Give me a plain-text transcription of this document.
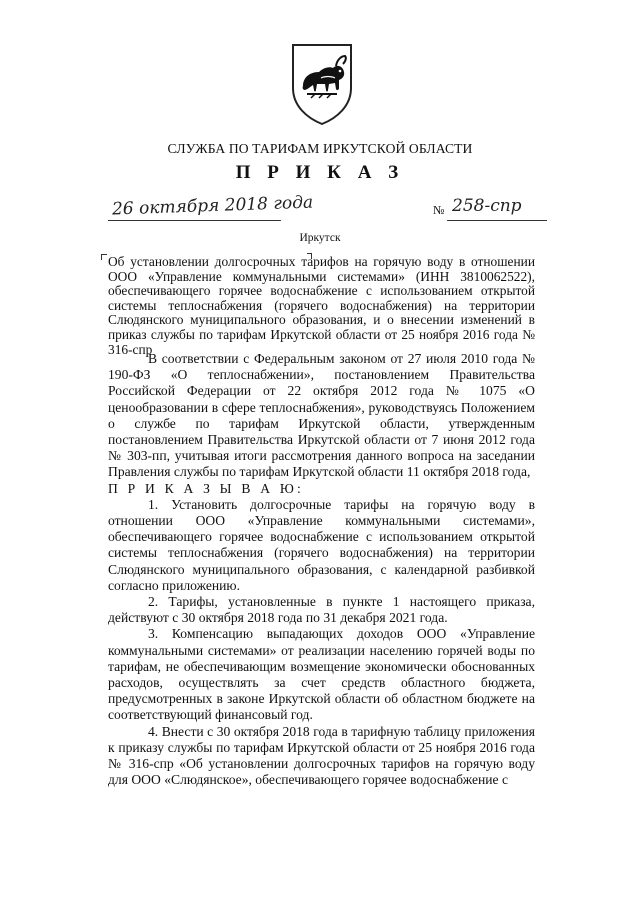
СЛУЖБА ПО ТАРИФАМ ИРКУТСКОЙ ОБЛАСТИ
П Р И К А З
26 октября 2018 года	№ 258-спр
Иркутск
Об установлении долгосрочных тарифов на горячую воду в отношении ООО «Управление коммунальными системами» (ИНН 3810062522), обеспечивающего горячее водоснабжение с использованием открытой системы теплоснабжения (горячего водоснабжения) на территории Слюдянского муниципального образования, и о внесении изменений в приказ службы по тарифам Иркутской области от 25 ноября 2016 года № 316-спр

В соответствии с Федеральным законом от 27 июля 2010 года № 190-ФЗ «О теплоснабжении», постановлением Правительства Российской Федерации от 22 октября 2012 года № 1075 «О ценообразовании в сфере теплоснабжения», руководствуясь Положением о службе по тарифам Иркутской области, утвержденным постановлением Правительства Иркутской области от 7 июня 2012 года № 303-пп, учитывая итоги рассмотрения данного вопроса на заседании Правления службы по тарифам Иркутской области 11 октября 2018 года,

П Р И К А З Ы В А Ю:

1. Установить долгосрочные тарифы на горячую воду в отношении ООО «Управление коммунальными системами», обеспечивающего горячее водоснабжение с использованием открытой системы теплоснабжения (горячего водоснабжения) на территории Слюдянского муниципального образования, с календарной разбивкой согласно приложению.

2. Тарифы, установленные в пункте 1 настоящего приказа, действуют с 30 октября 2018 года по 31 декабря 2021 года.

3. Компенсацию выпадающих доходов ООО «Управление коммунальными системами» от реализации населению горячей воды по тарифам, не обеспечивающим возмещение экономически обоснованных расходов, осуществлять за счет средств областного бюджета, предусмотренных в законе Иркутской области об областном бюджете на соответствующий финансовый год.

4. Внести с 30 октября 2018 года в тарифную таблицу приложения к приказу службы по тарифам Иркутской области от 25 ноября 2016 года № 316-спр «Об установлении долгосрочных тарифов на горячую воду для ООО «Слюдянское», обеспечивающего горячее водоснабжение с
